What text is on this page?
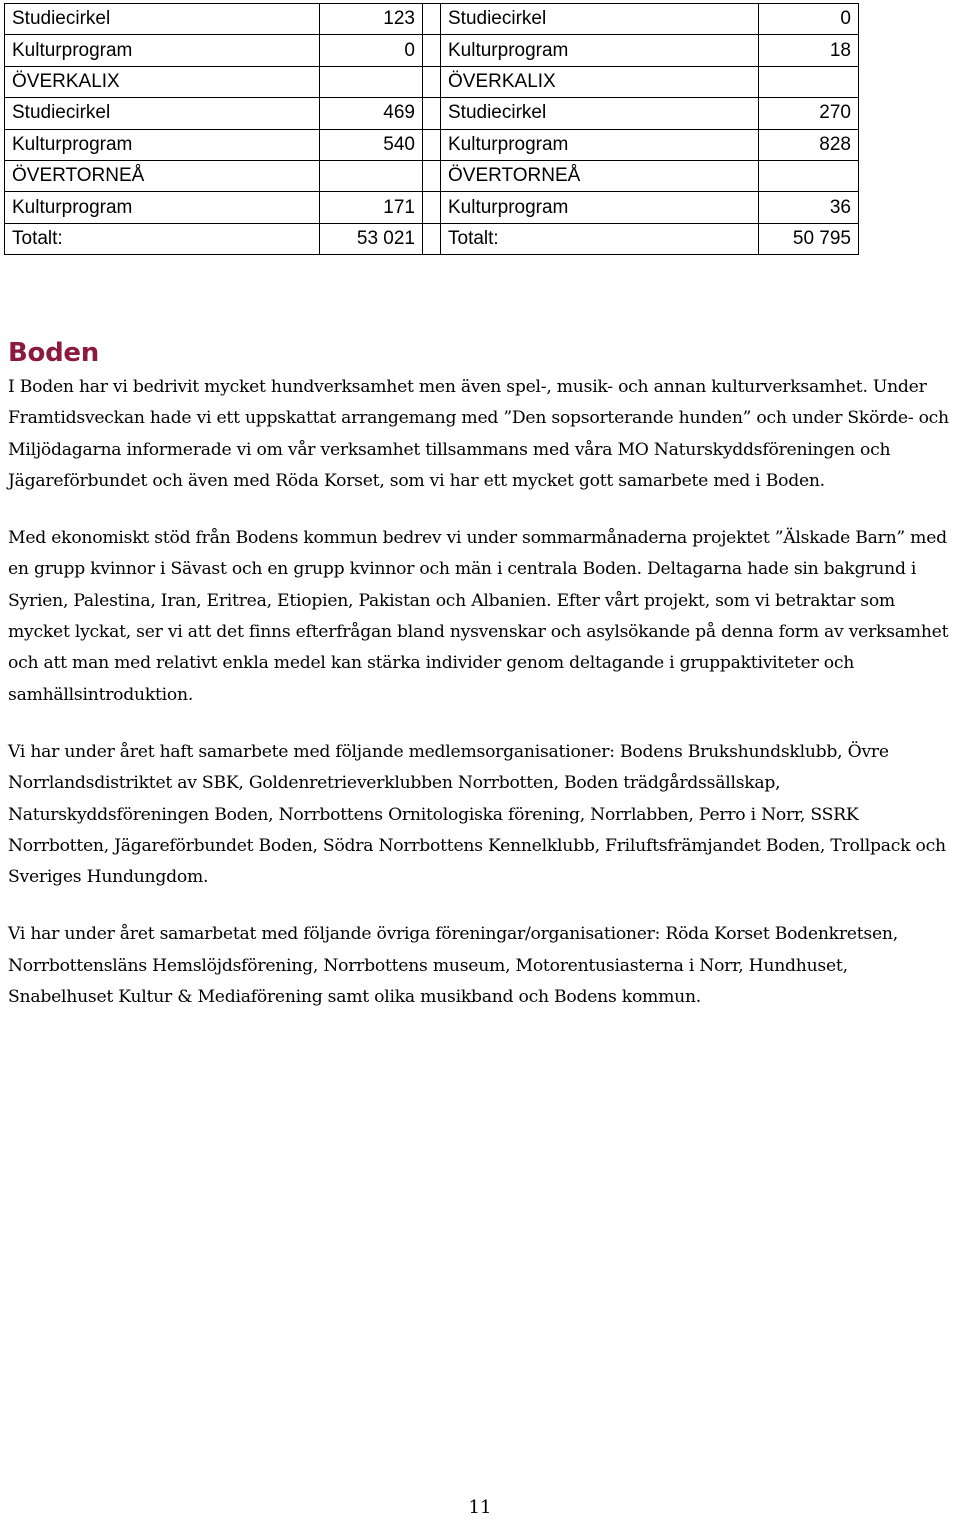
Studiecirkel	123		Studiecirkel	0
Kulturprogram	0		Kulturprogram	18
ÖVERKALIX			ÖVERKALIX	
Studiecirkel	469		Studiecirkel	270
Kulturprogram	540		Kulturprogram	828
ÖVERTORNEÅ			ÖVERTORNEÅ	
Kulturprogram	171		Kulturprogram	36
Totalt:	53 021		Totalt:	50 795
Boden

I Boden har vi bedrivit mycket hundverksamhet men även spel-, musik- och annan kulturverksamhet. Under Framtidsveckan hade vi ett uppskattat arrangemang med ”Den sopsorterande hunden” och under Skörde- och Miljödagarna informerade vi om vår verksamhet tillsammans med våra MO Naturskyddsföreningen och Jägareförbundet och även med Röda Korset, som vi har ett mycket gott samarbete med i Boden.

Med ekonomiskt stöd från Bodens kommun bedrev vi under sommarmånaderna projektet ”Älskade Barn” med en grupp kvinnor i Sävast och en grupp kvinnor och män i centrala Boden. Deltagarna hade sin bakgrund i Syrien, Palestina, Iran, Eritrea, Etiopien, Pakistan och Albanien. Efter vårt projekt, som vi betraktar som mycket lyckat, ser vi att det finns efterfrågan bland nysvenskar och asylsökande på denna form av verksamhet och att man med relativt enkla medel kan stärka individer genom deltagande i gruppaktiviteter och samhällsintroduktion.

Vi har under året haft samarbete med följande medlemsorganisationer: Bodens Brukshundsklubb, Övre Norrlandsdistriktet av SBK, Goldenretrieverklubben Norrbotten, Boden trädgårdssällskap, Naturskyddsföreningen Boden, Norrbottens Ornitologiska förening, Norrlabben, Perro i Norr, SSRK Norrbotten, Jägareförbundet Boden, Södra Norrbottens Kennelklubb, Friluftsfrämjandet Boden, Trollpack och Sveriges Hundungdom.

Vi har under året samarbetat med följande övriga föreningar/organisationer: Röda Korset Bodenkretsen, Norrbottensläns Hemslöjdsförening, Norrbottens museum, Motorentusiasterna i Norr, Hundhuset, Snabelhuset Kultur & Mediaförening samt olika musikband och Bodens kommun.

11
